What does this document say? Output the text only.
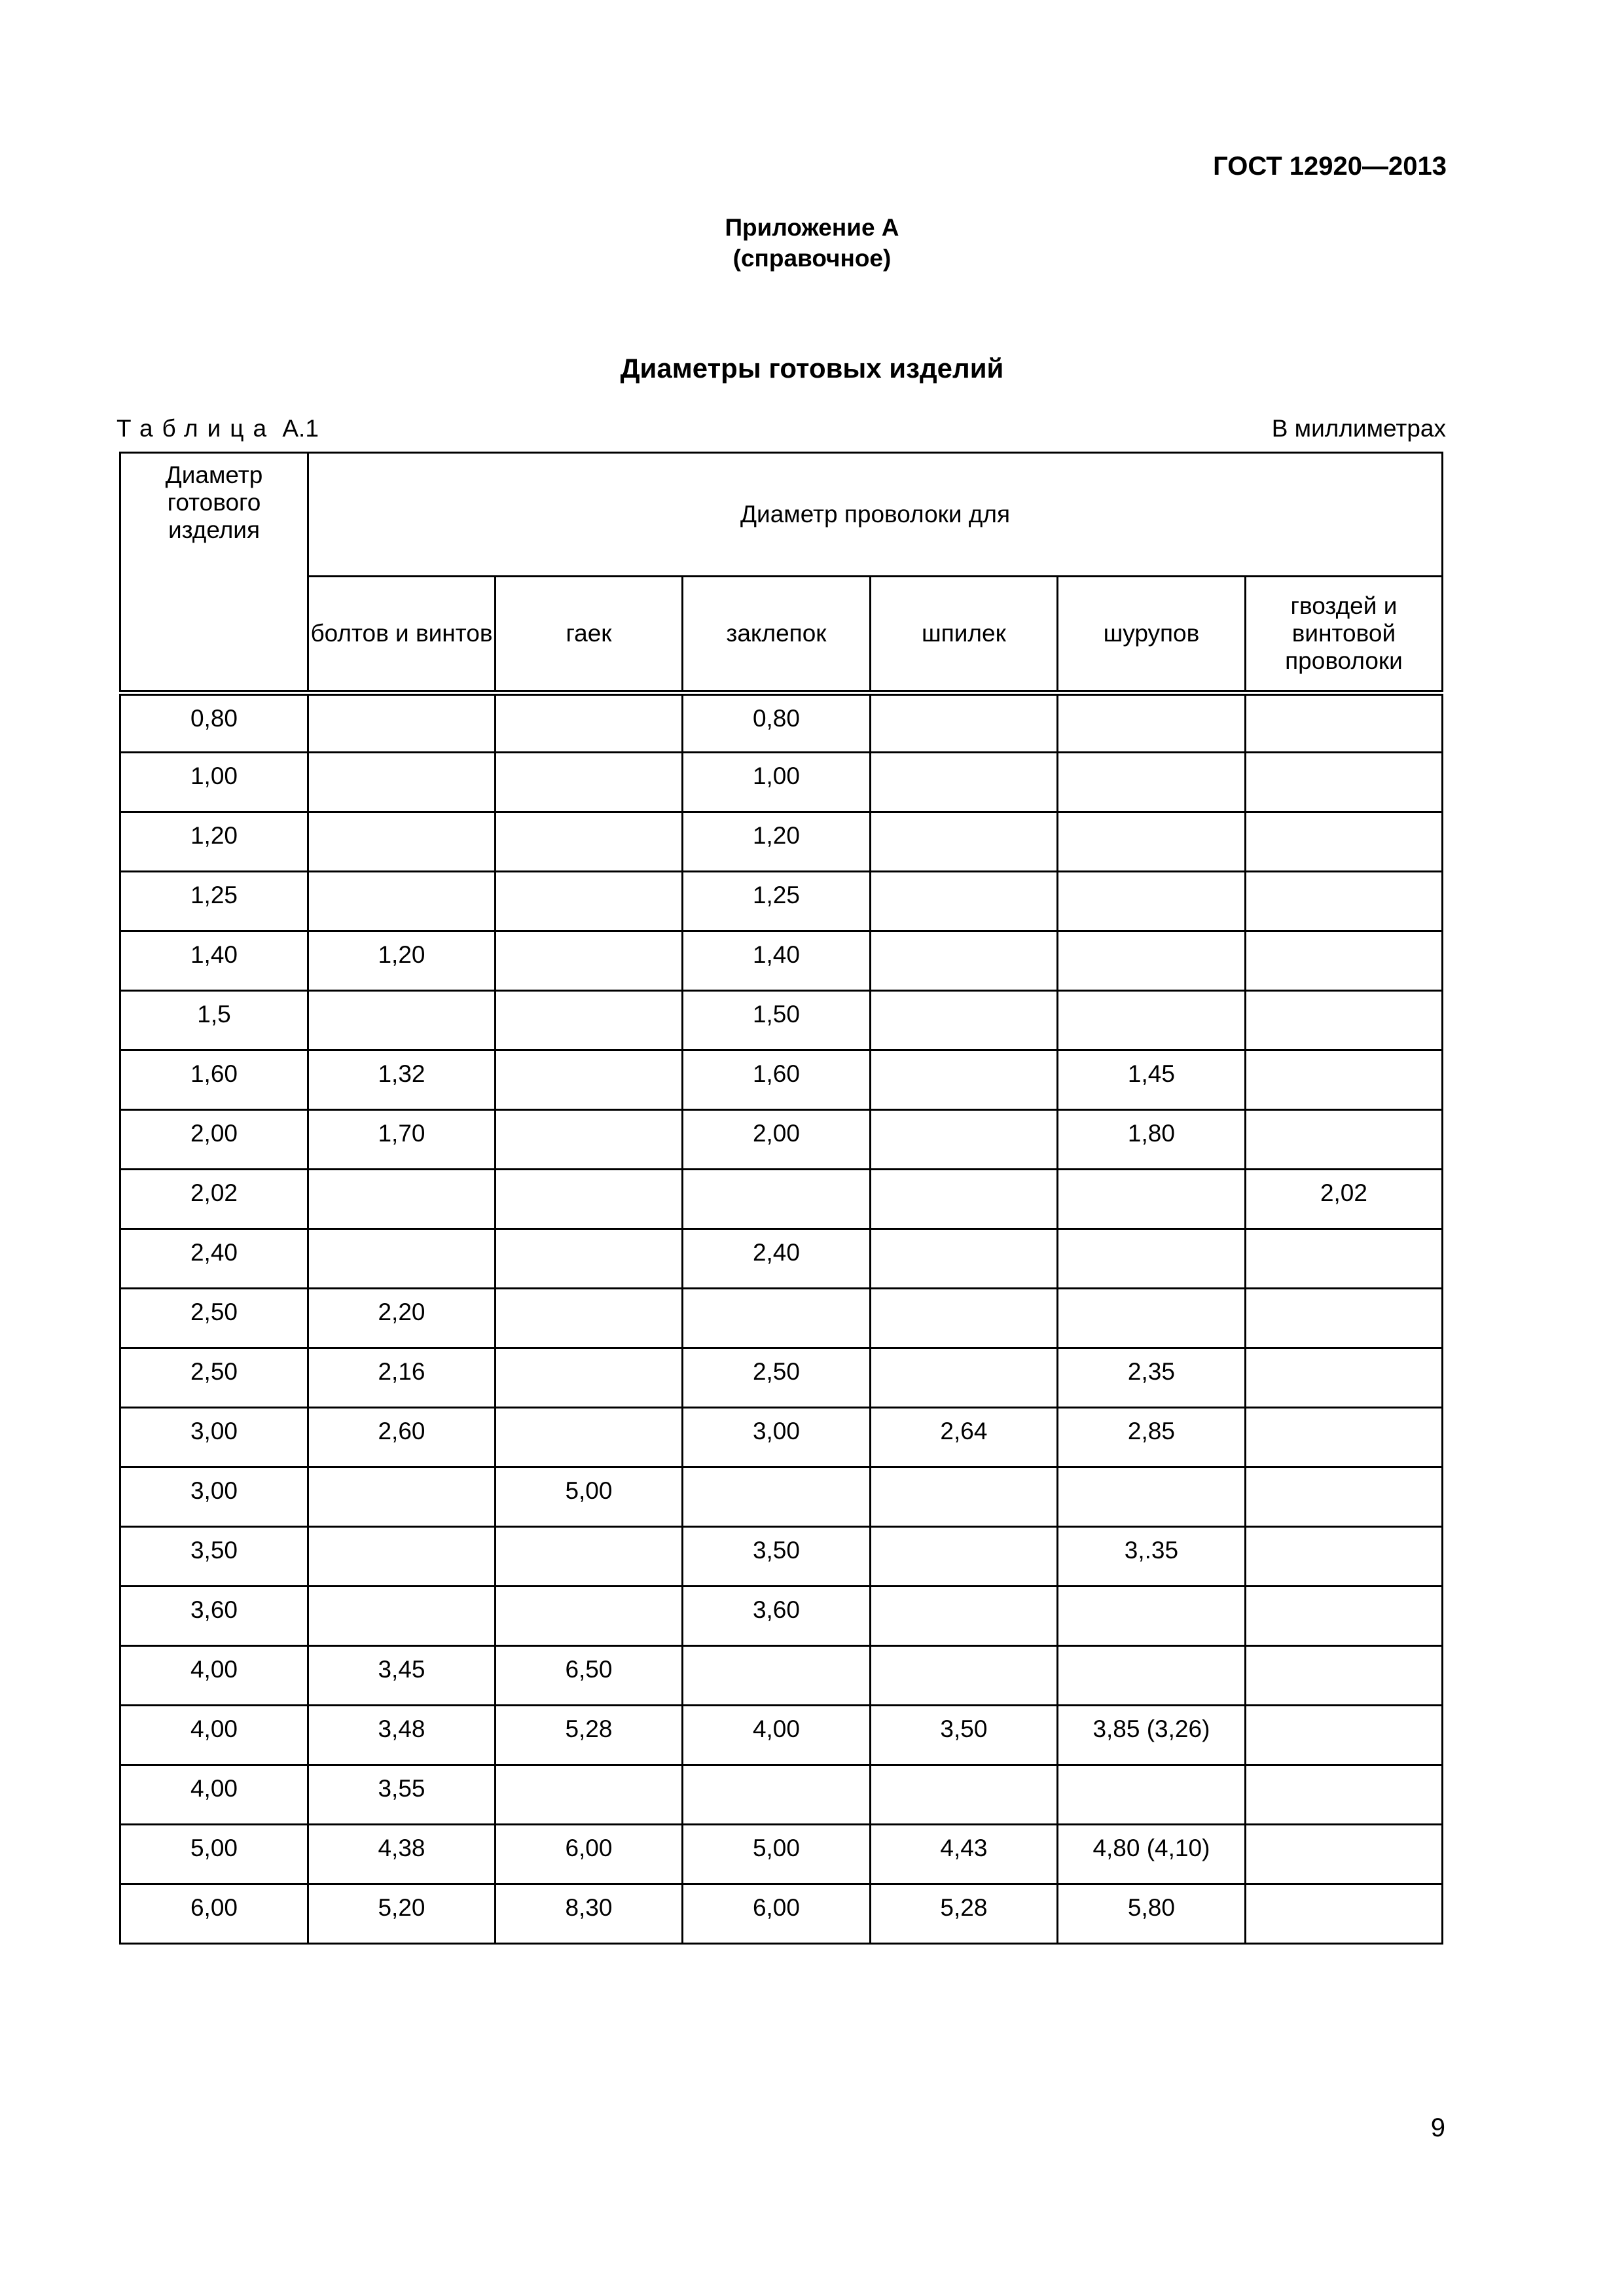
ГОСТ 12920—2013
Приложение А
(справочное)
Диаметры готовых изделий
Таблица А.1	В миллиметрах
Диаметр готового изделия	Диаметр проволоки для					
	болтов и винтов	гаек	заклепок	шпилек	шурупов	гвоздей и винтовой проволоки
0,80			0,80			
1,00			1,00			
1,20			1,20			
1,25			1,25			
1,40	1,20		1,40			
1,5			1,50			
1,60	1,32		1,60		1,45	
2,00	1,70		2,00		1,80	
2,02						2,02
2,40			2,40			
2,50	2,20					
2,50	2,16		2,50		2,35	
3,00	2,60		3,00	2,64	2,85	
3,00		5,00				
3,50			3,50		3,.35	
3,60			3,60			
4,00	3,45	6,50				
4,00	3,48	5,28	4,00	3,50	3,85 (3,26)	
4,00	3,55					
5,00	4,38	6,00	5,00	4,43	4,80 (4,10)	
6,00	5,20	8,30	6,00	5,28	5,80	
9
